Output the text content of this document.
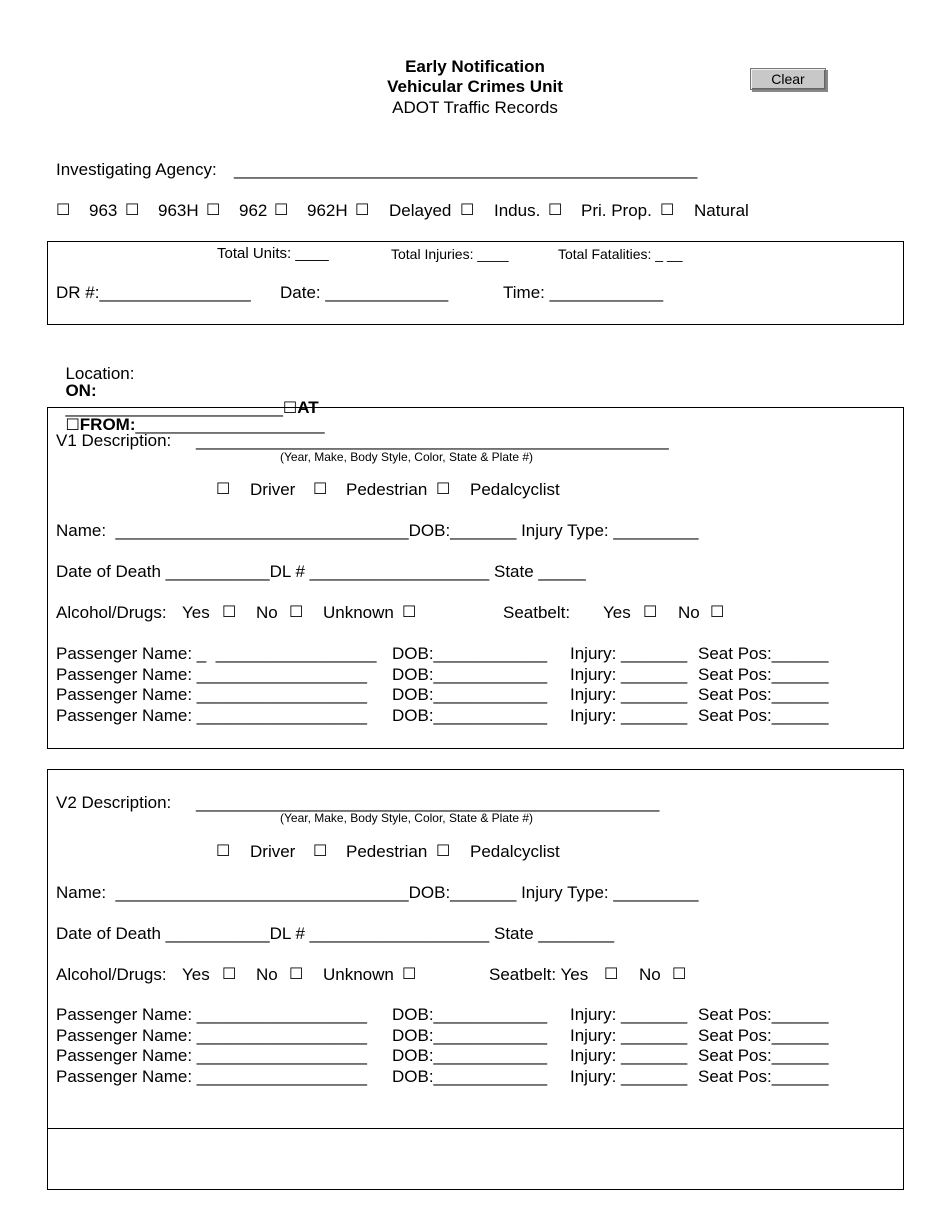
Early Notification
Vehicular Crimes Unit
ADOT Traffic Records
Clear
Investigating Agency: _________________________________________________
☐ 963 ☐ 963H ☐ 962 ☐ 962H ☐ Delayed ☐ Indus. ☐ Pri. Prop. ☐ Natural
Total Units: ____	Total Injuries: ____	Total Fatalities: _ __
DR #:________________ Date: _____________	Time: ____________

Location:
ON:
_______________________☐AT
☐FROM:____________________

V1 Description: __________________________________________________
(Year, Make, Body Style, Color, State & Plate #)
☐ Driver ☐ Pedestrian ☐ Pedalcyclist
Name:  _______________________________DOB:_______ Injury Type: _________
Date of Death ___________DL # ___________________ State _____
Alcohol/Drugs: Yes ☐ No ☐ Unknown ☐	Seatbelt: Yes ☐ No ☐
Passenger Name: _  _________________ DOB:____________ Injury: _______ Seat Pos:______
Passenger Name: __________________ DOB:____________ Injury: _______ Seat Pos:______
Passenger Name: __________________ DOB:____________ Injury: _______ Seat Pos:______
Passenger Name: __________________ DOB:____________ Injury: _______ Seat Pos:______
V2 Description: _________________________________________________
(Year, Make, Body Style, Color, State & Plate #)
☐ Driver ☐ Pedestrian ☐ Pedalcyclist
Name:  _______________________________DOB:_______ Injury Type: _________
Date of Death ___________DL # ___________________ State ________
Alcohol/Drugs: Yes ☐ No ☐ Unknown ☐	Seatbelt: Yes ☐ No ☐
Passenger Name: __________________ DOB:____________ Injury: _______ Seat Pos:______
Passenger Name: __________________ DOB:____________ Injury: _______ Seat Pos:______
Passenger Name: __________________ DOB:____________ Injury: _______ Seat Pos:______
Passenger Name: __________________ DOB:____________ Injury: _______ Seat Pos:______
